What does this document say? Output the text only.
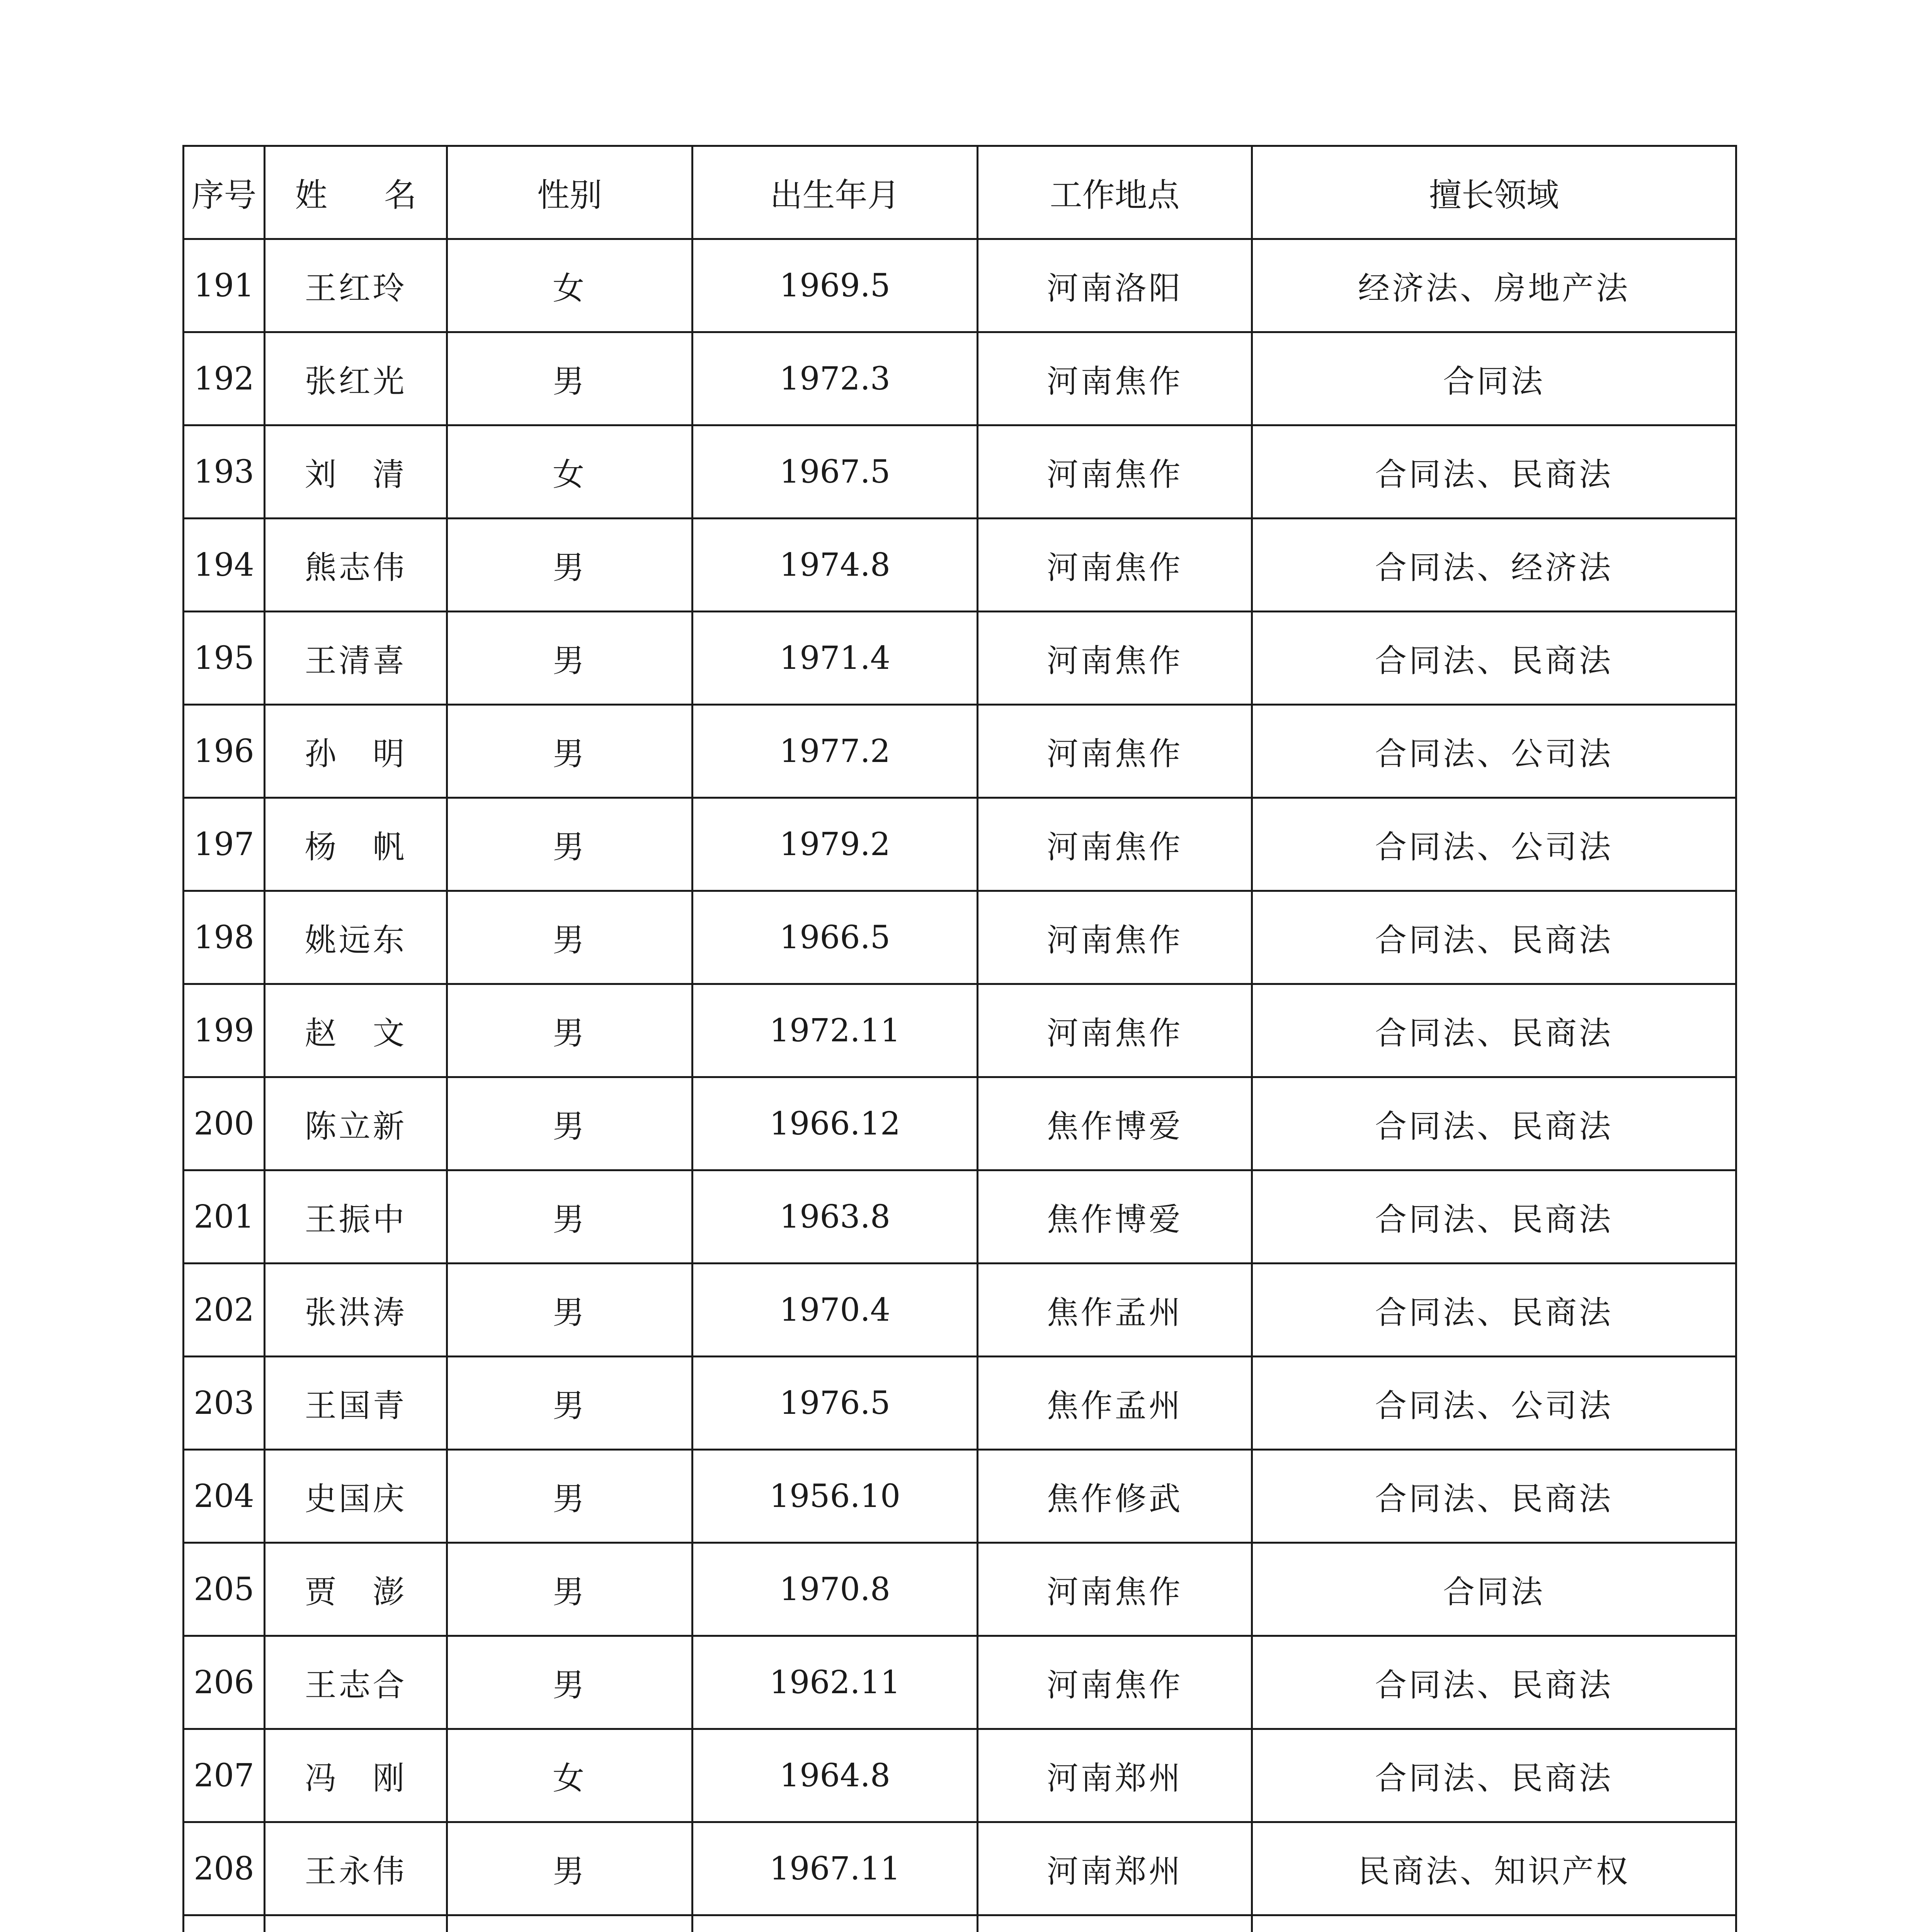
序号	姓 名	性别	出生年月	工作地点	擅长领域
191	王红玲	女	1969.5	河南洛阳	经济法、房地产法
192	张红光	男	1972.3	河南焦作	合同法
193	刘　清	女	1967.5	河南焦作	合同法、民商法
194	熊志伟	男	1974.8	河南焦作	合同法、经济法
195	王清喜	男	1971.4	河南焦作	合同法、民商法
196	孙　明	男	1977.2	河南焦作	合同法、公司法
197	杨　帆	男	1979.2	河南焦作	合同法、公司法
198	姚远东	男	1966.5	河南焦作	合同法、民商法
199	赵　文	男	1972.11	河南焦作	合同法、民商法
200	陈立新	男	1966.12	焦作博爱	合同法、民商法
201	王振中	男	1963.8	焦作博爱	合同法、民商法
202	张洪涛	男	1970.4	焦作孟州	合同法、民商法
203	王国青	男	1976.5	焦作孟州	合同法、公司法
204	史国庆	男	1956.10	焦作修武	合同法、民商法
205	贾　澎	男	1970.8	河南焦作	合同法
206	王志合	男	1962.11	河南焦作	合同法、民商法
207	冯　刚	女	1964.8	河南郑州	合同法、民商法
208	王永伟	男	1967.11	河南郑州	民商法、知识产权
